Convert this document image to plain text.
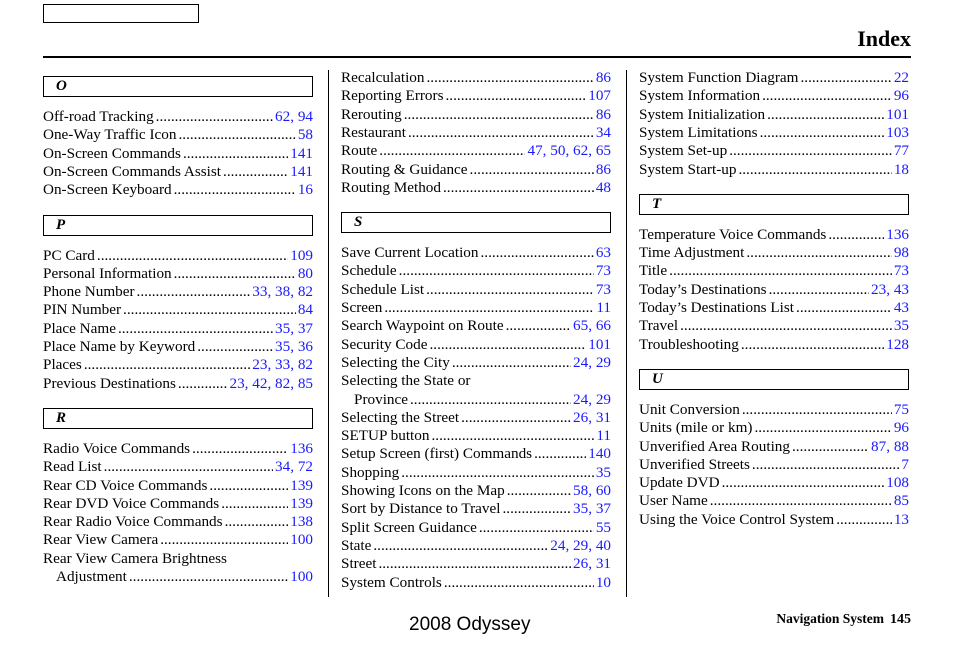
Index
O
Off-road Tracking .....	62, 94
One-Way Traffic Icon .....	58
On-Screen Commands .....	141
On-Screen Commands Assist .....	141
On-Screen Keyboard .....	16
P
PC Card .....	109
Personal Information .....	80
Phone Number .....	33, 38, 82
PIN Number .....	84
Place Name .....	35, 37
Place Name by Keyword .....	35, 36
Places .....	23, 33, 82
Previous Destinations .....	23, 42, 82, 85
R
Radio Voice Commands .....	136
Read List .....	34, 72
Rear CD Voice Commands .....	139
Rear DVD Voice Commands .....	139
Rear Radio Voice Commands .....	138
Rear View Camera .....	100
Rear View Camera Brightness
Adjustment .....	100
Recalculation .....	86
Reporting Errors .....	107
Rerouting .....	86
Restaurant .....	34
Route .....	47, 50, 62, 65
Routing & Guidance .....	86
Routing Method .....	48
S
Save Current Location .....	63
Schedule .....	73
Schedule List .....	73
Screen .....	11
Search Waypoint on Route .....	65, 66
Security Code .....	101
Selecting the City .....	24, 29
Selecting the State or
Province .....	24, 29
Selecting the Street .....	26, 31
SETUP button .....	11
Setup Screen (first) Commands .....	140
Shopping .....	35
Showing Icons on the Map .....	58, 60
Sort by Distance to Travel .....	35, 37
Split Screen Guidance .....	55
State .....	24, 29, 40
Street .....	26, 31
System Controls .....	10
System Function Diagram .....	22
System Information .....	96
System Initialization .....	101
System Limitations .....	103
System Set-up .....	77
System Start-up .....	18
T
Temperature Voice Commands .....	136
Time Adjustment .....	98
Title .....	73
Today’s Destinations .....	23, 43
Today’s Destinations List .....	43
Travel .....	35
Troubleshooting .....	128
U
Unit Conversion .....	75
Units (mile or km) .....	96
Unverified Area Routing .....	87, 88
Unverified Streets .....	7
Update DVD .....	108
User Name .....	85
Using the Voice Control System .....	13
2008 Odyssey	Navigation System 145
